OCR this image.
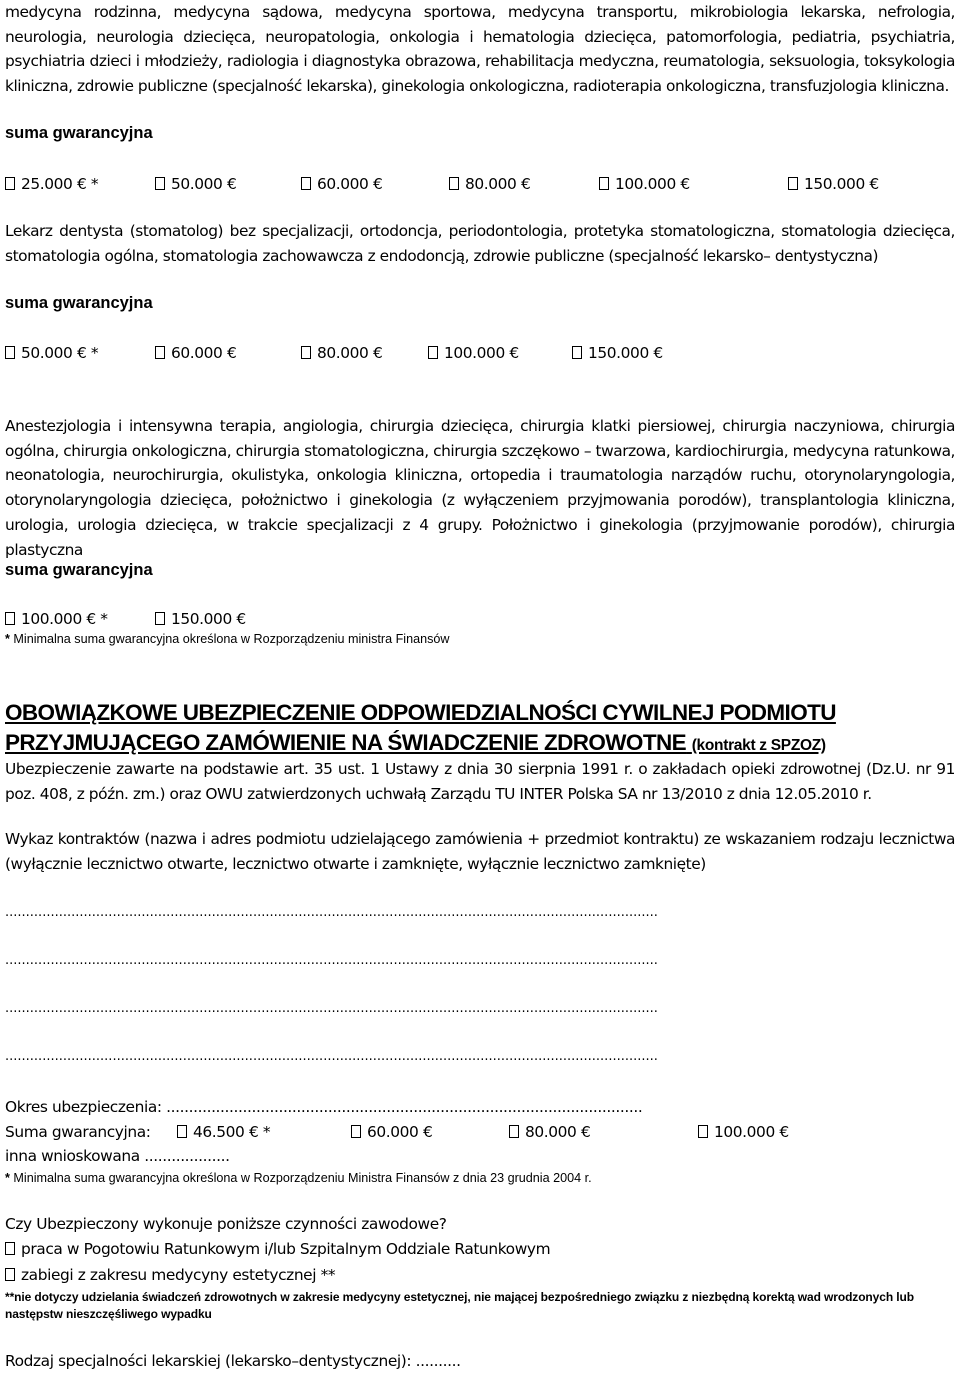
medycyna rodzinna, medycyna sądowa, medycyna sportowa, medycyna transportu, mikrobiologia lekarska, nefrologia, neurologia, neurologia dziecięca, neuropatologia, onkologia i hematologia dziecięca, patomorfologia, pediatria, psychiatria, psychiatria dzieci i młodzieży, radiologia i diagnostyka obrazowa, rehabilitacja medyczna, reumatologia, seksuologia, toksykologia kliniczna, zdrowie publiczne (specjalność lekarska), ginekologia onkologiczna, radioterapia onkologiczna, transfuzjologia kliniczna.

suma gwarancyjna
25.000 € *	50.000 €	60.000 €	80.000 €	100.000 €	150.000 €

Lekarz dentysta (stomatolog) bez specjalizacji, ortodoncja, periodontologia, protetyka stomatologiczna, stomatologia dziecięca, stomatologia ogólna, stomatologia zachowawcza z endodoncją, zdrowie publiczne (specjalność lekarsko– dentystyczna)

suma gwarancyjna
50.000 € *	60.000 €	80.000 €	100.000 €	150.000 €

Anestezjologia i intensywna terapia, angiologia, chirurgia dziecięca, chirurgia klatki piersiowej, chirurgia naczyniowa, chirurgia ogólna, chirurgia onkologiczna, chirurgia stomatologiczna, chirurgia szczękowo – twarzowa, kardiochirurgia, medycyna ratunkowa, neonatologia, neurochirurgia, okulistyka, onkologia kliniczna, ortopedia i traumatologia narządów ruchu, otorynolaryngologia, otorynolaryngologia dziecięca, położnictwo i ginekologia (z wyłączeniem przyjmowania porodów), transplantologia kliniczna, urologia, urologia dziecięca, w trakcie specjalizacji z 4 grupy. Położnictwo i ginekologia (przyjmowanie porodów), chirurgia plastyczna

suma gwarancyjna
100.000 € *	150.000 €

* Minimalna suma gwarancyjna określona w Rozporządzeniu ministra Finansów

OBOWIĄZKOWE UBEZPIECZENIE ODPOWIEDZIALNOŚCI CYWILNEJ PODMIOTU

PRZYJMUJĄCEGO ZAMÓWIENIE NA ŚWIADCZENIE ZDROWOTNE (kontrakt z SPZOZ)

Ubezpieczenie zawarte na podstawie art. 35 ust. 1 Ustawy z dnia 30 sierpnia 1991 r. o zakładach opieki zdrowotnej (Dz.U. nr 91 poz. 408, z późn. zm.) oraz OWU zatwierdzonych uchwałą Zarządu TU INTER Polska SA nr 13/2010 z dnia 12.05.2010 r.

Wykaz kontraktów (nazwa i adres podmiotu udzielającego zamówienia + przedmiot kontraktu) ze wskazaniem rodzaju lecznictwa (wyłącznie lecznictwo otwarte, lecznictwo otwarte i zamknięte, wyłącznie lecznictwo zamknięte)

..............................................................................................................................................................
..............................................................................................................................................................
..............................................................................................................................................................
..............................................................................................................................................................

Okres ubezpieczenia: ..........................................................................................................

Suma gwarancyjna:	46.500 € *	60.000 €	80.000 €	100.000 €

inna wnioskowana ...................

* Minimalna suma gwarancyjna określona w Rozporządzeniu Ministra Finansów z dnia 23 grudnia 2004 r.

Czy Ubezpieczony wykonuje poniższe czynności zawodowe?

praca w Pogotowiu Ratunkowym i/lub Szpitalnym Oddziale Ratunkowym

zabiegi z zakresu medycyny estetycznej **

**nie dotyczy udzielania świadczeń zdrowotnych w zakresie medycyny estetycznej, nie mającej bezpośredniego związku z niezbędną korektą wad wrodzonych lub następstw nieszczęśliwego wypadku

Rodzaj specjalności lekarskiej (lekarsko–dentystycznej): ..........
